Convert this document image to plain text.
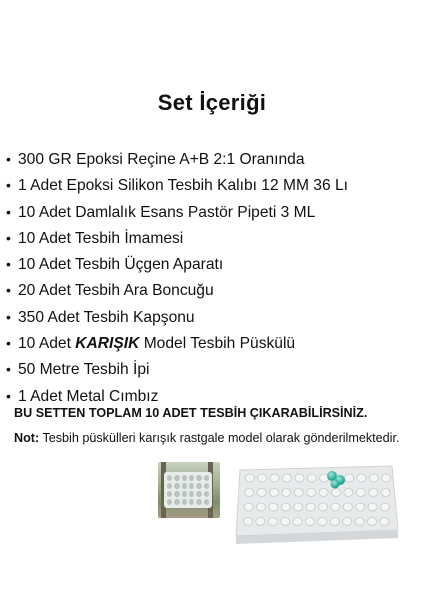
Set İçeriği
• 300 GR Epoksi Reçine A+B 2:1 Oranında
• 1 Adet Epoksi Silikon Tesbih Kalıbı 12 MM 36 Lı
• 10 Adet Damlalık Esans Pastör Pipeti 3 ML
• 10 Adet Tesbih İmamesi
• 10 Adet Tesbih Üçgen Aparatı
• 20 Adet Tesbih Ara Boncuğu
• 350 Adet Tesbih Kapşonu
• 10 Adet KARIŞIK Model Tesbih Püskülü
• 50 Metre Tesbih İpi
• 1 Adet Metal Cımbız
BU SETTEN TOPLAM 10 ADET TESBİH ÇIKARABİLİRSİNİZ.
Not: Tesbih püskülleri karışık rastgale model olarak gönderilmektedir.
